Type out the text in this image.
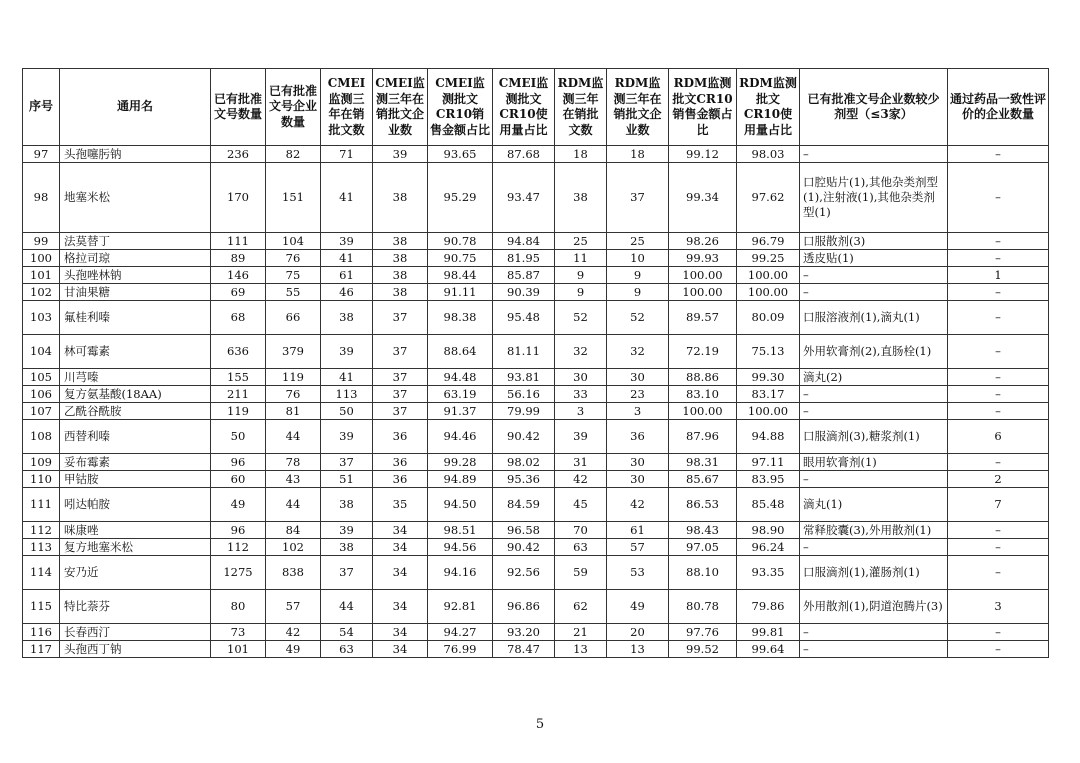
序号	通用名	已有批准文号数量	已有批准文号企业数量	CMEI监测三年在销批文数	CMEI监测三年在销批文企业数	CMEI监测批文CR10销售金额占比	CMEI监测批文CR10使用量占比	RDM监测三年在销批文数	RDM监测三年在销批文企业数	RDM监测批文CR10销售金额占比	RDM监测批文CR10使用量占比	已有批准文号企业数较少剂型（≤3家）	通过药品一致性评价的企业数量
97	头孢噻肟钠	236	82	71	39	93.65	87.68	18	18	99.12	98.03	–	–
98	地塞米松	170	151	41	38	95.29	93.47	38	37	99.34	97.62	口腔贴片(1),其他杂类剂型(1),注射液(1),其他杂类剂型(1)	–
99	法莫替丁	111	104	39	38	90.78	94.84	25	25	98.26	96.79	口服散剂(3)	–
100	格拉司琼	89	76	41	38	90.75	81.95	11	10	99.93	99.25	透皮贴(1)	–
101	头孢唑林钠	146	75	61	38	98.44	85.87	9	9	100.00	100.00	–	1
102	甘油果糖	69	55	46	38	91.11	90.39	9	9	100.00	100.00	–	–
103	氟桂利嗪	68	66	38	37	98.38	95.48	52	52	89.57	80.09	口服溶液剂(1),滴丸(1)	–
104	林可霉素	636	379	39	37	88.64	81.11	32	32	72.19	75.13	外用软膏剂(2),直肠栓(1)	–
105	川芎嗪	155	119	41	37	94.48	93.81	30	30	88.86	99.30	滴丸(2)	–
106	复方氨基酸(18AA)	211	76	113	37	63.19	56.16	33	23	83.10	83.17	–	–
107	乙酰谷酰胺	119	81	50	37	91.37	79.99	3	3	100.00	100.00	–	–
108	西替利嗪	50	44	39	36	94.46	90.42	39	36	87.96	94.88	口服滴剂(3),糖浆剂(1)	6
109	妥布霉素	96	78	37	36	99.28	98.02	31	30	98.31	97.11	眼用软膏剂(1)	–
110	甲钴胺	60	43	51	36	94.89	95.36	42	30	85.67	83.95	–	2
111	吲达帕胺	49	44	38	35	94.50	84.59	45	42	86.53	85.48	滴丸(1)	7
112	咪康唑	96	84	39	34	98.51	96.58	70	61	98.43	98.90	常释胶囊(3),外用散剂(1)	–
113	复方地塞米松	112	102	38	34	94.56	90.42	63	57	97.05	96.24	–	–
114	安乃近	1275	838	37	34	94.16	92.56	59	53	88.10	93.35	口服滴剂(1),灌肠剂(1)	–
115	特比萘芬	80	57	44	34	92.81	96.86	62	49	80.78	79.86	外用散剂(1),阴道泡腾片(3)	3
116	长春西汀	73	42	54	34	94.27	93.20	21	20	97.76	99.81	–	–
117	头孢西丁钠	101	49	63	34	76.99	78.47	13	13	99.52	99.64	–	–
5
